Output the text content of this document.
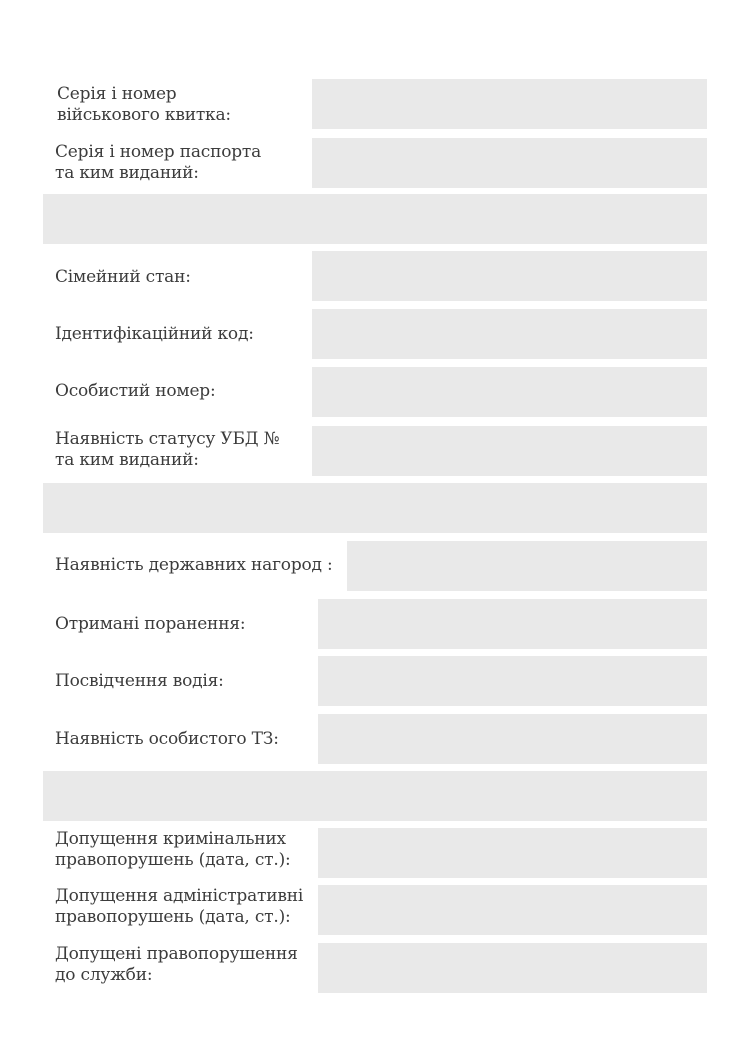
Серія і номер
військового квитка:
Серія і номер паспорта
та ким виданий:
Сімейний стан:
Ідентифікаційний код:
Особистий номер:
Наявність статусу УБД №
та ким виданий:
Наявність державних нагород :
Отримані поранення:
Посвідчення водія:
Наявність особистого ТЗ:
Допущення кримінальних
правопорушень (дата, ст.):
Допущення адміністративні
правопорушень (дата, ст.):
Допущені правопорушення
до служби:
